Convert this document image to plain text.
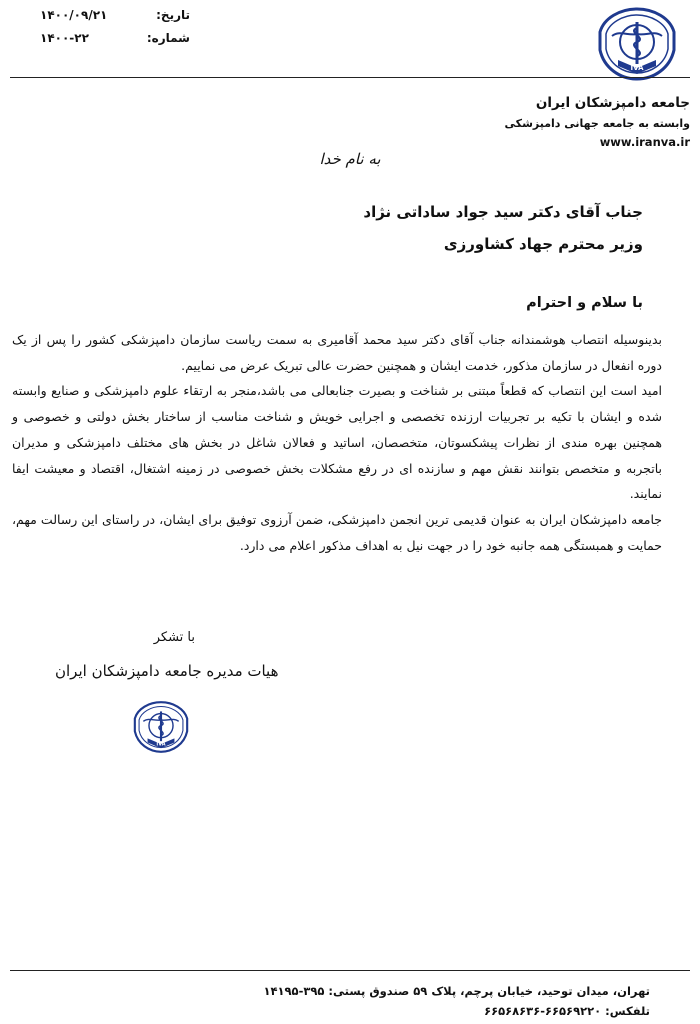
تاریخ:
۱۴۰۰/۰۹/۲۱
شماره:
۱۴۰۰-۲۲
IVA
جامعه دامپزشکان ایران
وابسته به جامعه جهانی دامپزشکی
www.iranva.ir
به نام خدا
جناب آقای دکتر سید جواد ساداتی نژاد
وزیر محترم جهاد کشاورزی
با سلام و احترام

بدینوسیله انتصاب هوشمندانه جناب آقای دکتر سید محمد آقامیری به سمت ریاست سازمان دامپزشکی کشور را پس از یک دوره انفعال در سازمان مذکور، خدمت ایشان و همچنین حضرت عالی تبریک عرض می نماییم.

امید است این انتصاب که قطعاً مبتنی بر شناخت و بصیرت جنابعالی می باشد،منجر به ارتقاء علوم دامپزشکی و صنایع وابسته شده و ایشان با تکیه بر تجربیات ارزنده تخصصی و اجرایی خویش و شناخت مناسب از ساختار بخش دولتی و خصوصی و همچنین بهره مندی از نظرات پیشکسوتان، متخصصان، اساتید و فعالان شاغل در بخش های مختلف دامپزشکی و مدیران باتجربه و متخصص بتوانند نقش مهم و سازنده ای در رفع مشکلات بخش خصوصی در زمینه اشتغال، اقتصاد و معیشت ایفا نمایند.

جامعه دامپزشکان ایران به عنوان قدیمی ترین انجمن دامپزشکی، ضمن آرزوی توفیق برای ایشان، در راستای این رسالت مهم، حمایت و همبستگی همه جانبه خود را در جهت نیل به اهداف مذکور اعلام می دارد.

با تشکر
هیات مدیره جامعه دامپزشکان ایران
IVA
تهران، میدان توحید، خیابان پرچم، پلاک ۵۹ صندوق پستی: ۳۹۵-۱۴۱۹۵
تلفکس: ۶۶۵۶۹۲۲۰-۶۶۵۶۸۶۳۶
